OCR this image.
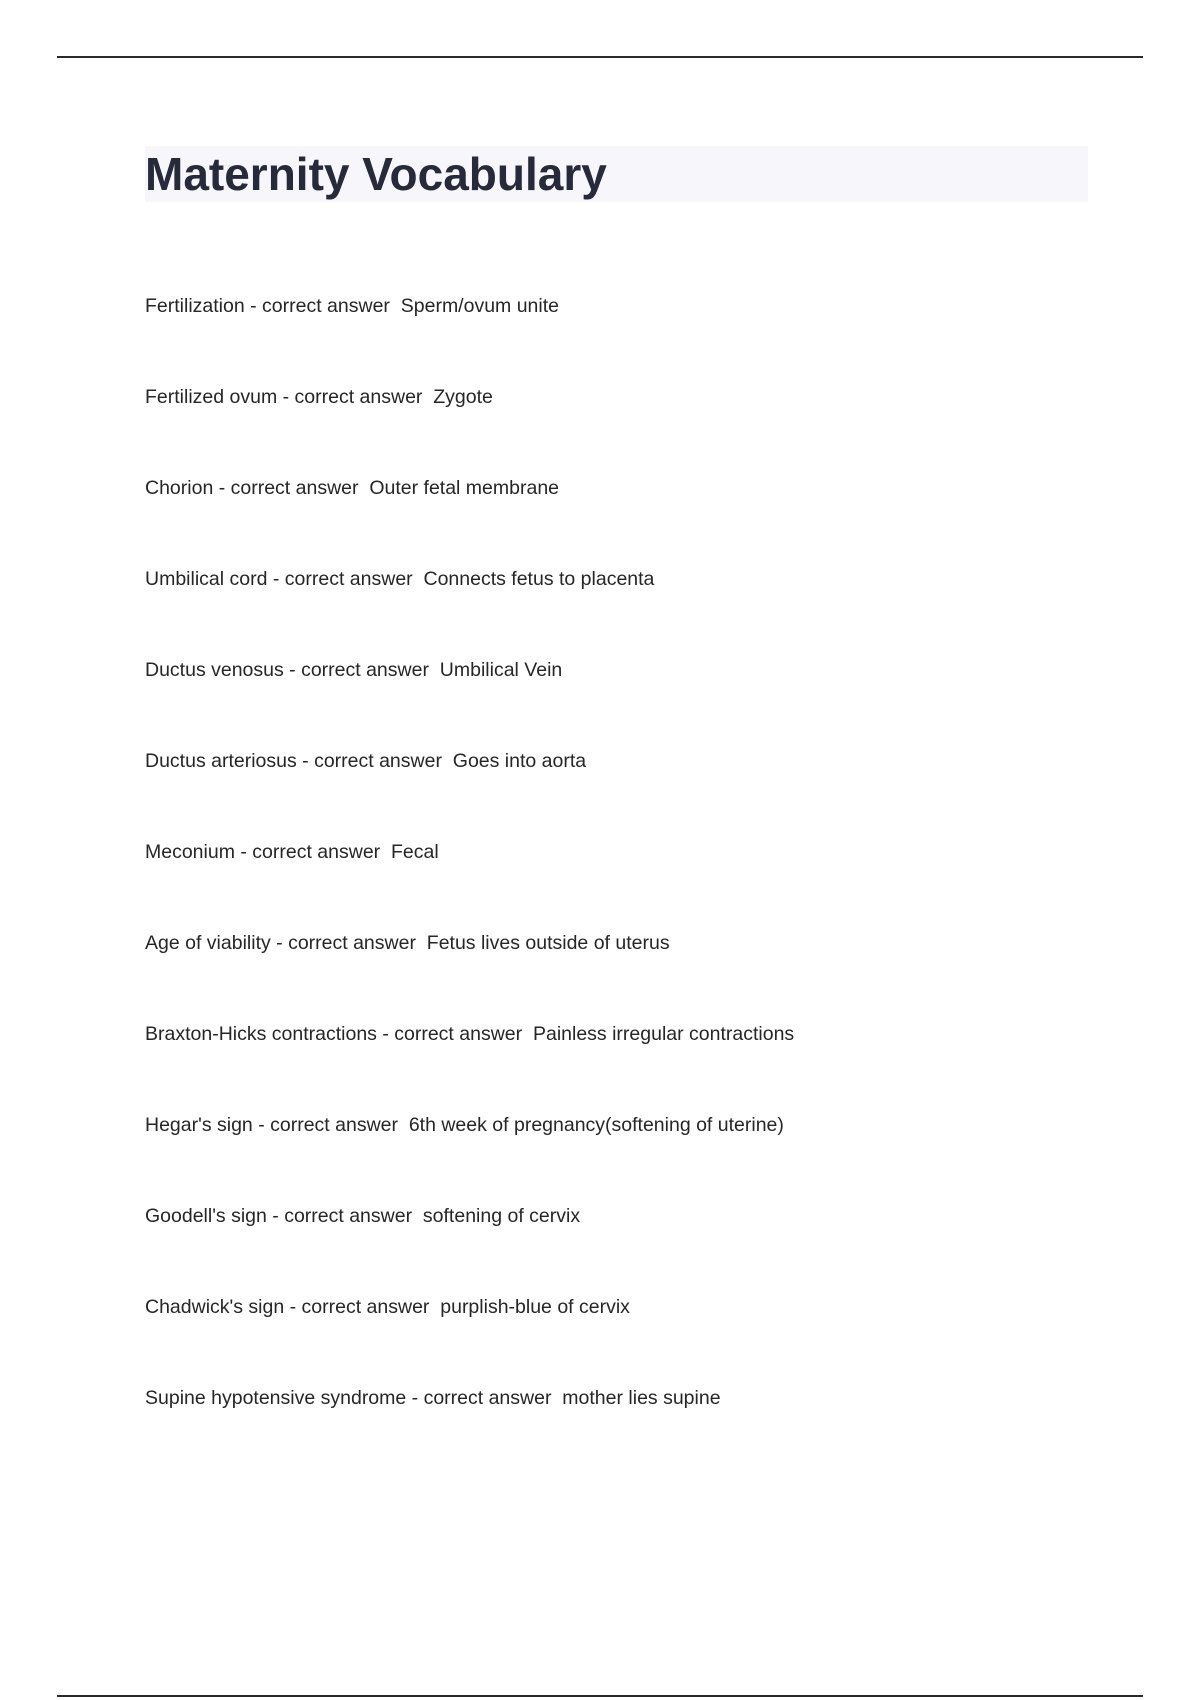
Maternity Vocabulary
Fertilization - correct answer  Sperm/ovum unite
Fertilized ovum - correct answer  Zygote
Chorion - correct answer  Outer fetal membrane
Umbilical cord - correct answer  Connects fetus to placenta
Ductus venosus - correct answer  Umbilical Vein
Ductus arteriosus - correct answer  Goes into aorta
Meconium - correct answer  Fecal
Age of viability - correct answer  Fetus lives outside of uterus
Braxton-Hicks contractions - correct answer  Painless irregular contractions
Hegar's sign - correct answer  6th week of pregnancy(softening of uterine)
Goodell's sign - correct answer  softening of cervix
Chadwick's sign - correct answer  purplish-blue of cervix
Supine hypotensive syndrome - correct answer  mother lies supine
